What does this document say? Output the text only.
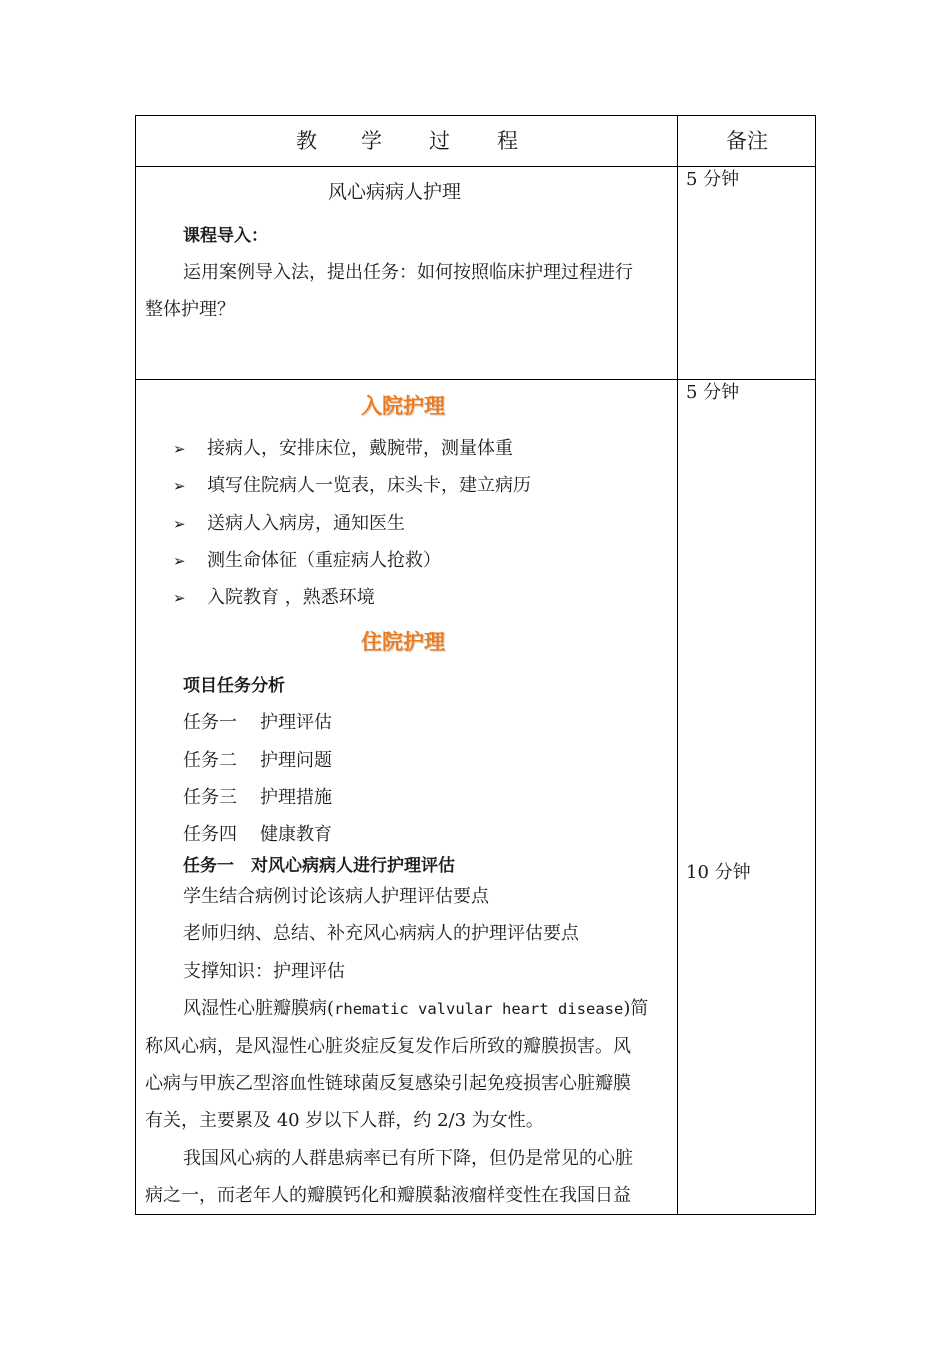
教 学 过 程	备注
风心病病人护理
课程导入：
运用案例导入法，提出任务：如何按照临床护理过程进行
整体护理？
5 分钟
入院护理
➢ 接病人，安排床位，戴腕带，测量体重
➢ 填写住院病人一览表，床头卡，建立病历
➢ 送病人入病房，通知医生
➢ 测生命体征（重症病人抢救）
➢ 入院教育 ，熟悉环境
住院护理
项目任务分析
任务一 护理评估
任务二 护理问题
任务三 护理措施
任务四 健康教育
任务一　对风心病病人进行护理评估
学生结合病例讨论该病人护理评估要点
老师归纳、总结、补充风心病病人的护理评估要点
支撑知识：护理评估
风湿性心脏瓣膜病(rhematic valvular heart disease)简
称风心病，是风湿性心脏炎症反复发作后所致的瓣膜损害。风
心病与甲族乙型溶血性链球菌反复感染引起免疫损害心脏瓣膜
有关，主要累及 40 岁以下人群，约 2/3 为女性。
我国风心病的人群患病率已有所下降，但仍是常见的心脏
病之一，而老年人的瓣膜钙化和瓣膜黏液瘤样变性在我国日益
5 分钟
10 分钟
